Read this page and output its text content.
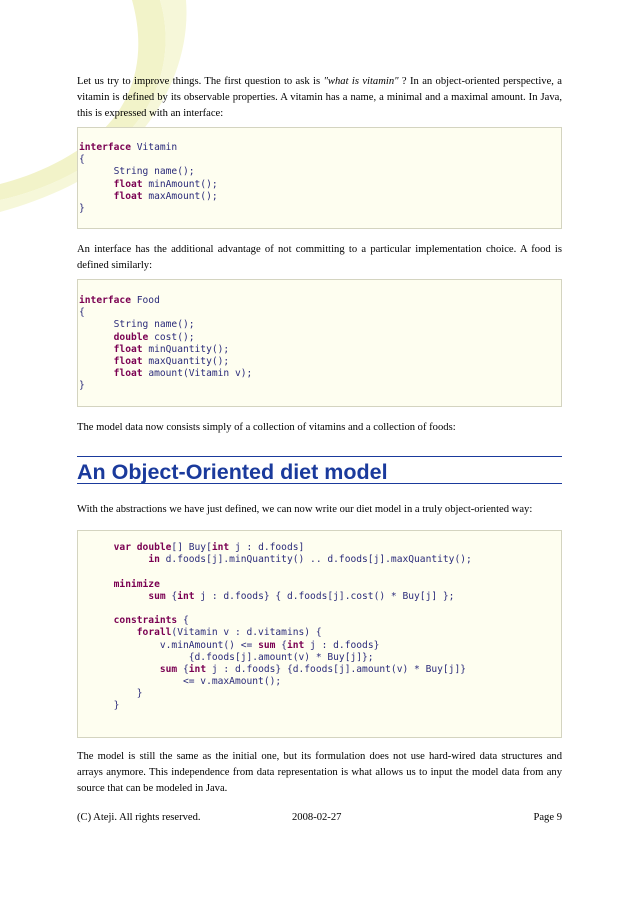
Let us try to improve things. The first question to ask is "what is vitamin" ? In an object-oriented perspective, a vitamin is defined by its observable properties. A vitamin has a name, a minimal and a maximal amount. In Java, this is expressed with an interface:

interface Vitamin
{
String name();
float minAmount();
float maxAmount();
}

An interface has the additional advantage of not committing to a particular implementation choice. A food is defined similarly:

interface Food
{
String name();
double cost();
float minQuantity();
float maxQuantity();
float amount(Vitamin v);
}

The model data now consists simply of a collection of vitamins and a collection of foods:

An Object-Oriented diet model

With the abstractions we have just defined, we can now write our diet model in a truly object-oriented way:

var double[] Buy[int j : d.foods]
in d.foods[j].minQuantity() .. d.foods[j].maxQuantity();
minimize
sum {int j : d.foods} { d.foods[j].cost() * Buy[j] };
constraints {
forall(Vitamin v : d.vitamins) {
v.minAmount() <= sum {int j : d.foods}
{d.foods[j].amount(v) * Buy[j]};
sum {int j : d.foods} {d.foods[j].amount(v) * Buy[j]}
<= v.maxAmount();
}
}

The model is still the same as the initial one, but its formulation does not use hard-wired data structures and arrays anymore. This independence from data representation is what allows us to input the model data from any source that can be modeled in Java.

(C) Ateji. All rights reserved.	2008-02-27	Page 9
